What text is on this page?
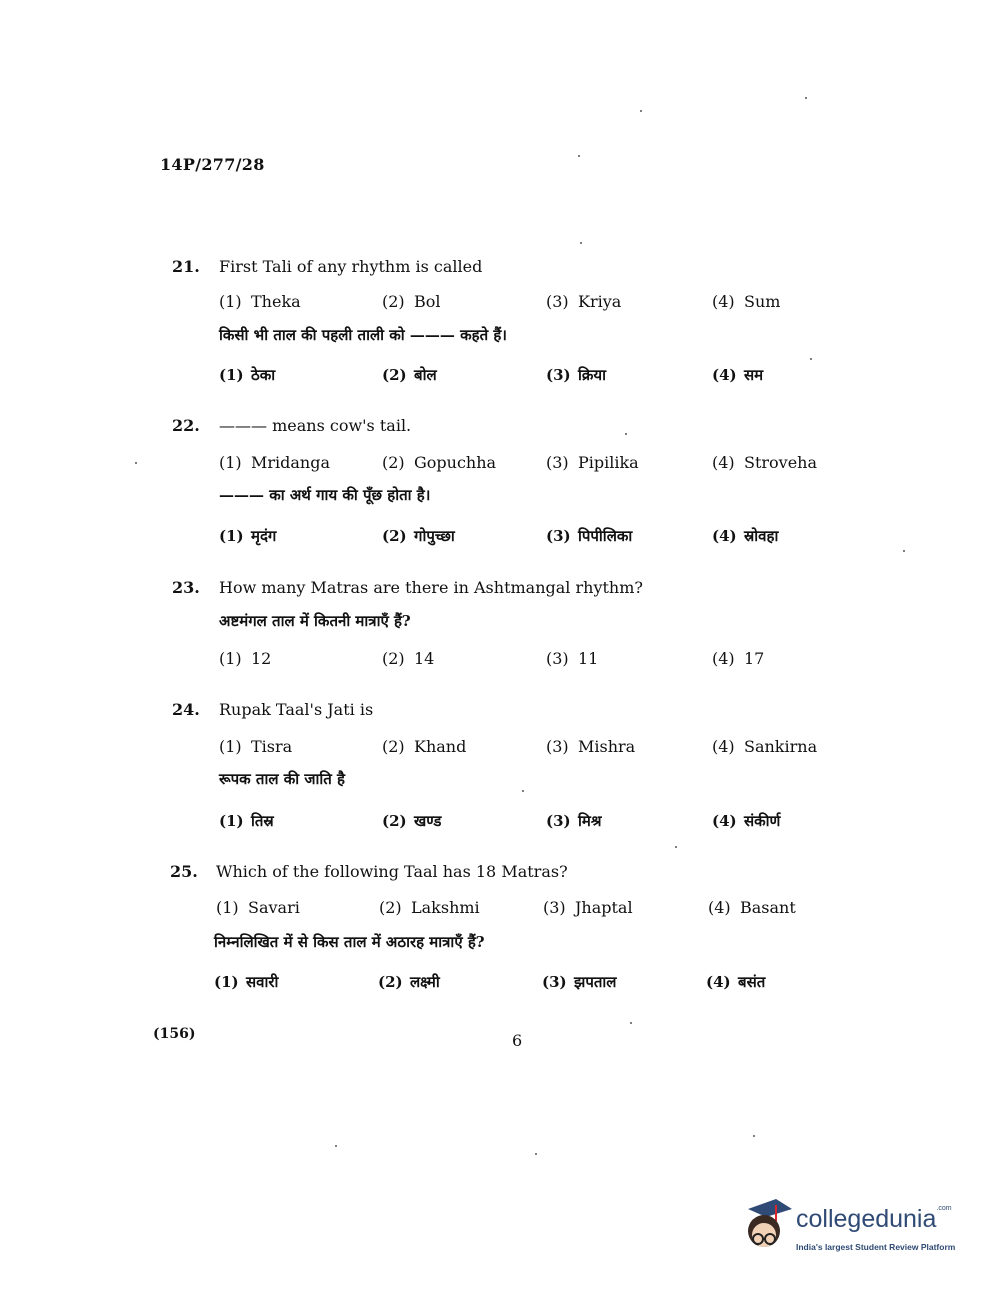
14P/277/28
21. First Tali of any rhythm is called
(1) Theka	(2) Bol	(3) Kriya	(4) Sum
किसी भी ताल की पहली ताली को ——— कहते हैं।
(1) ठेका	(2) बोल	(3) क्रिया	(4) सम
22. ——— means cow's tail.
(1) Mridanga	(2) Gopuchha	(3) Pipilika	(4) Stroveha
——— का अर्थ गाय की पूँछ होता है।
(1) मृदंग	(2) गोपुच्छा	(3) पिपीलिका	(4) स्रोवहा
23. How many Matras are there in Ashtmangal rhythm?
अष्टमंगल ताल में कितनी मात्राएँ हैं?
(1) 12	(2) 14	(3) 11	(4) 17
24. Rupak Taal's Jati is
(1) Tisra	(2) Khand	(3) Mishra	(4) Sankirna
रूपक ताल की जाति है
(1) तिस्र	(2) खण्ड	(3) मिश्र	(4) संकीर्ण
25. Which of the following Taal has 18 Matras?
(1) Savari	(2) Lakshmi	(3) Jhaptal	(4) Basant
निम्नलिखित में से किस ताल में अठारह मात्राएँ हैं?
(1) सवारी	(2) लक्ष्मी	(3) झपताल	(4) बसंत
(156)	6
collegedunia$^{.com}$
India's largest Student Review Platform
